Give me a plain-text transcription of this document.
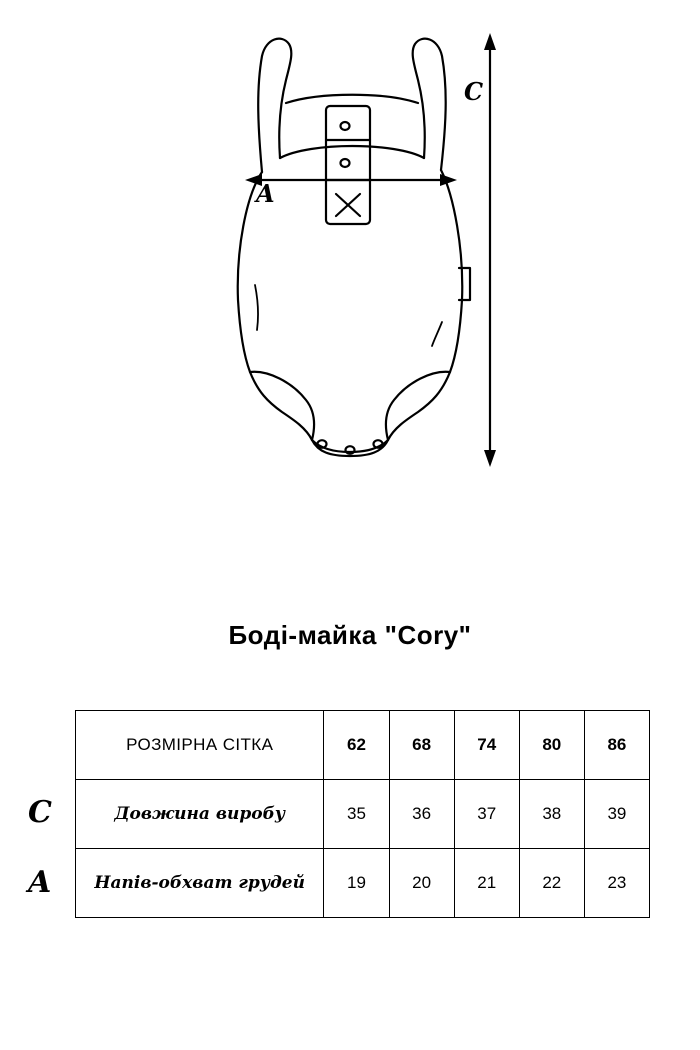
C
A
Боді-майка "Cory"
C
A
РОЗМІРНА СІТКА	62	68	74	80	86
Довжина виробу	35	36	37	38	39
Напів-обхват грудей	19	20	21	22	23
